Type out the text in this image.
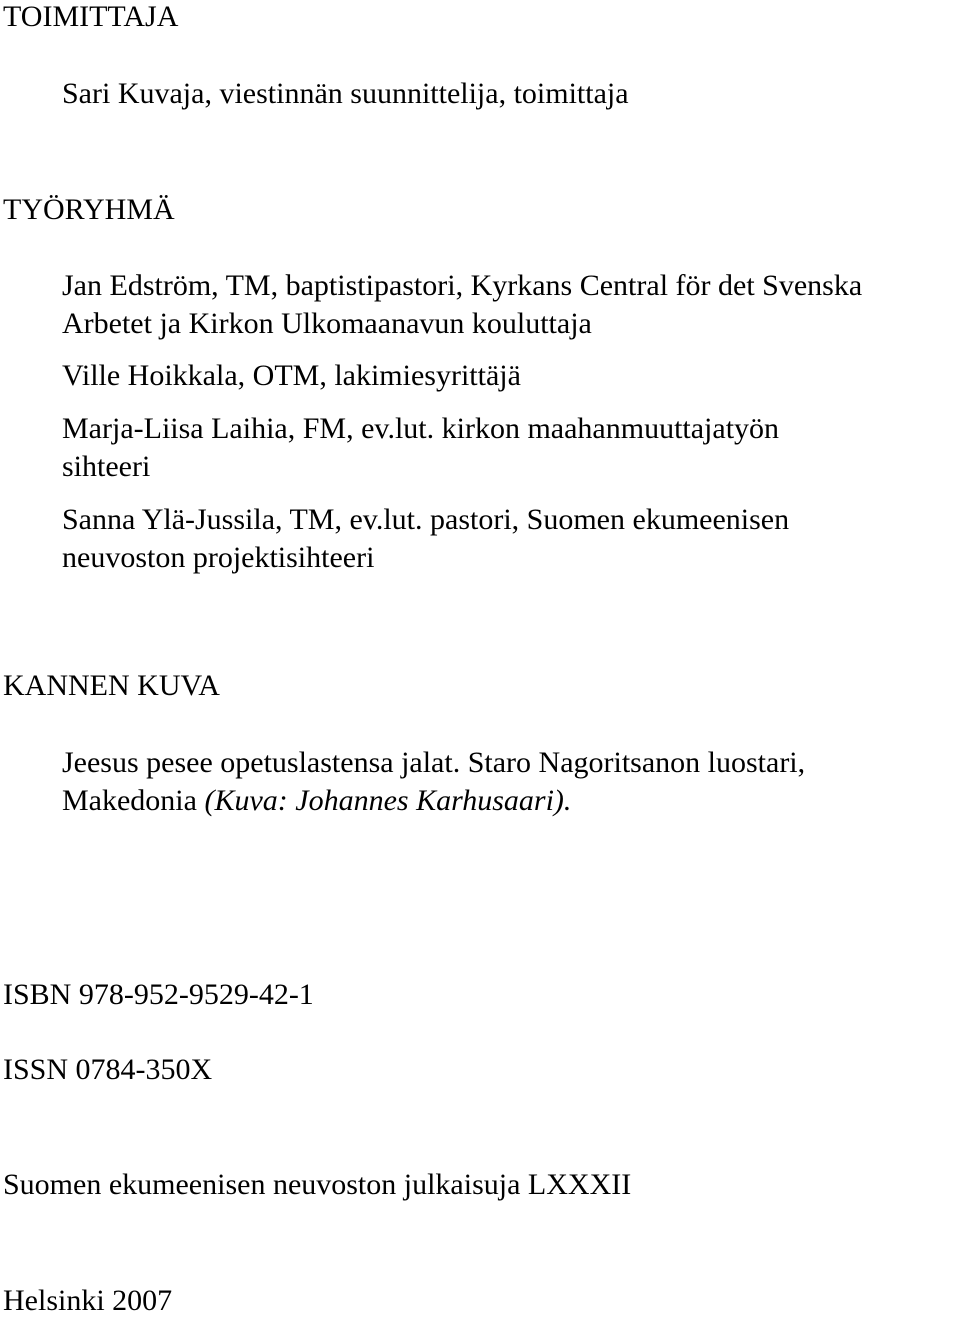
TOIMITTAJA
Sari Kuvaja, viestinnän suunnittelija, toimittaja
TYÖRYHMÄ
Jan Edström, TM, baptistipastori, Kyrkans Central för det Svenska
Arbetet ja Kirkon Ulkomaanavun kouluttaja
Ville Hoikkala, OTM, lakimiesyrittäjä
Marja-Liisa Laihia, FM, ev.lut. kirkon maahanmuuttajatyön
sihteeri
Sanna Ylä-Jussila, TM, ev.lut. pastori, Suomen ekumeenisen
neuvoston projektisihteeri
KANNEN KUVA
Jeesus pesee opetuslastensa jalat. Staro Nagoritsanon luostari,
Makedonia (Kuva: Johannes Karhusaari).
ISBN 978-952-9529-42-1
ISSN 0784-350X
Suomen ekumeenisen neuvoston julkaisuja LXXXII
Helsinki 2007
